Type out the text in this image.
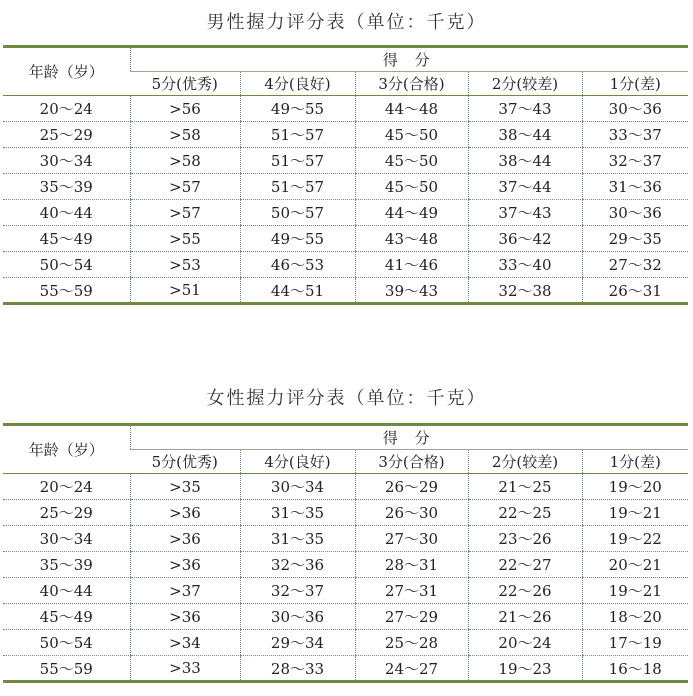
男性握力评分表（单位：千克）
年龄（岁）	得 分				
	5分(优秀)	4分(良好)	3分(合格)	2分(较差)	1分(差)
20～24	>56	49～55	44～48	37～43	30～36
25～29	>58	51～57	45～50	38～44	33～37
30～34	>58	51～57	45～50	38～44	32～37
35～39	>57	51～57	45～50	37～44	31～36
40～44	>57	50～57	44～49	37～43	30～36
45～49	>55	49～55	43～48	36～42	29～35
50～54	>53	46～53	41～46	33～40	27～32
55～59	>51	44～51	39～43	32～38	26～31
女性握力评分表（单位：千克）
年龄（岁）	得 分				
	5分(优秀)	4分(良好)	3分(合格)	2分(较差)	1分(差)
20～24	>35	30～34	26～29	21～25	19～20
25～29	>36	31～35	26～30	22～25	19～21
30～34	>36	31～35	27～30	23～26	19～22
35～39	>36	32～36	28～31	22～27	20～21
40～44	>37	32～37	27～31	22～26	19～21
45～49	>36	30～36	27～29	21～26	18～20
50～54	>34	29～34	25～28	20～24	17～19
55～59	>33	28～33	24～27	19～23	16～18
